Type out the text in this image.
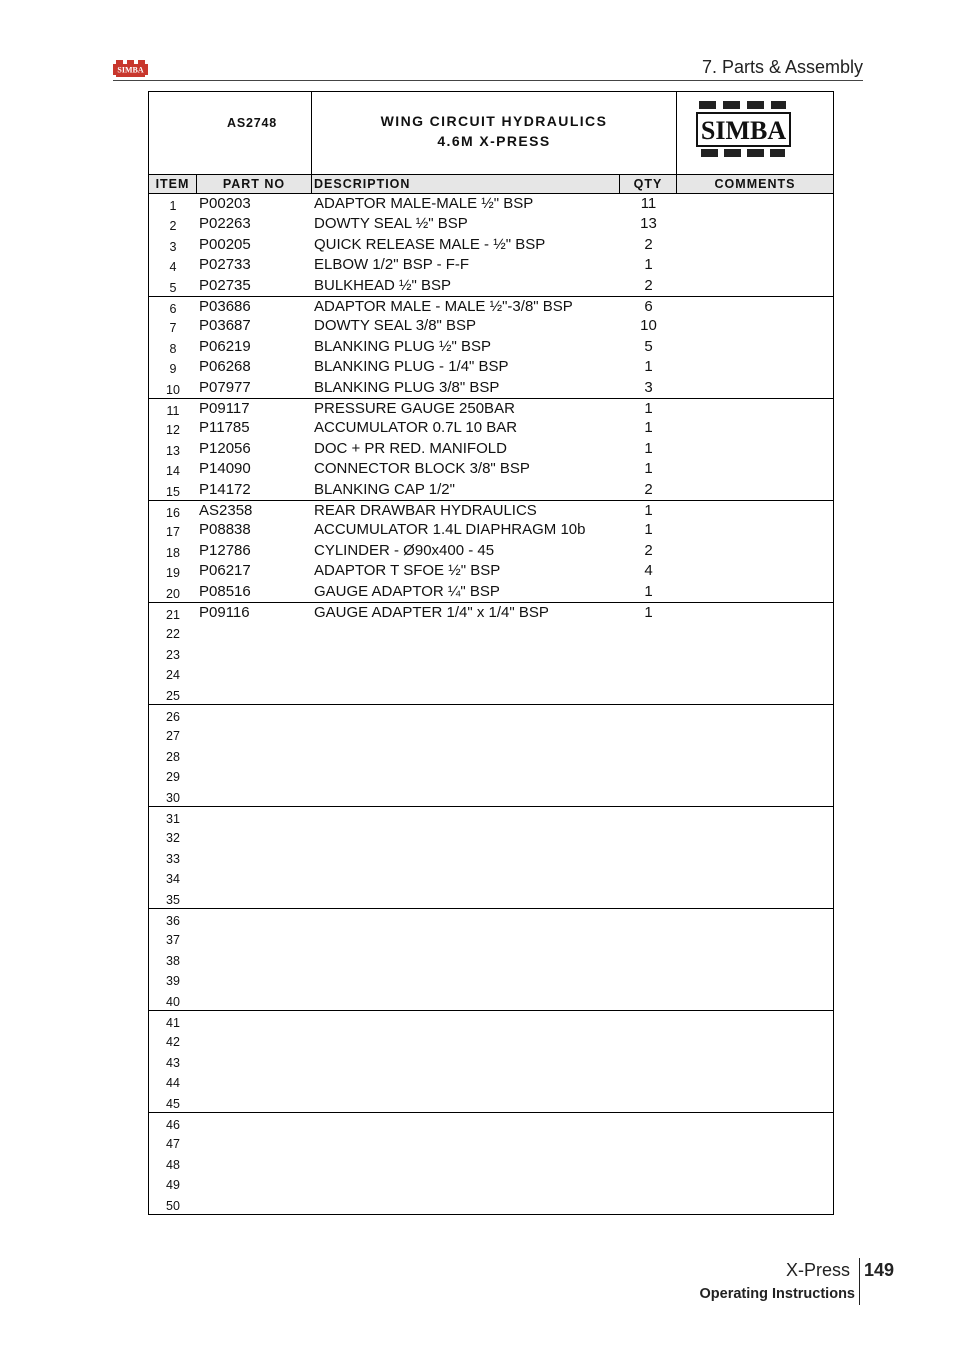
SIMBA	7. Parts & Assembly
AS2748	WING CIRCUIT HYDRAULICS
4.6M X-PRESS	SIMBA
ITEM	PART NO	DESCRIPTION	QTY	COMMENTS
1	P00203	ADAPTOR MALE-MALE ½" BSP	11
2	P02263	DOWTY SEAL ½" BSP	13
3	P00205	QUICK RELEASE MALE - ½" BSP	2
4	P02733	ELBOW 1/2" BSP - F-F	1
5	P02735	BULKHEAD ½" BSP	2
6	P03686	ADAPTOR MALE - MALE ½"-3/8" BSP	6
7	P03687	DOWTY SEAL 3/8" BSP	10
8	P06219	BLANKING PLUG ½" BSP	5
9	P06268	BLANKING PLUG - 1/4" BSP	1
10	P07977	BLANKING PLUG 3/8" BSP	3
11	P09117	PRESSURE GAUGE 250BAR	1
12	P11785	ACCUMULATOR 0.7L 10 BAR	1
13	P12056	DOC + PR RED. MANIFOLD	1
14	P14090	CONNECTOR BLOCK 3/8" BSP	1
15	P14172	BLANKING CAP 1/2"	2
16	AS2358	REAR DRAWBAR HYDRAULICS	1
17	P08838	ACCUMULATOR 1.4L DIAPHRAGM 10b	1
18	P12786	CYLINDER - Ø90x400 - 45	2
19	P06217	ADAPTOR T SFOE ½" BSP	4
20	P08516	GAUGE ADAPTOR ¼" BSP	1
21	P09116	GAUGE ADAPTER 1/4" x 1/4" BSP	1
22
23
24
25
26
27
28
29
30
31
32
33
34
35
36
37
38
39
40
41
42
43
44
45
46
47
48
49
50
X-Press 149
Operating Instructions
